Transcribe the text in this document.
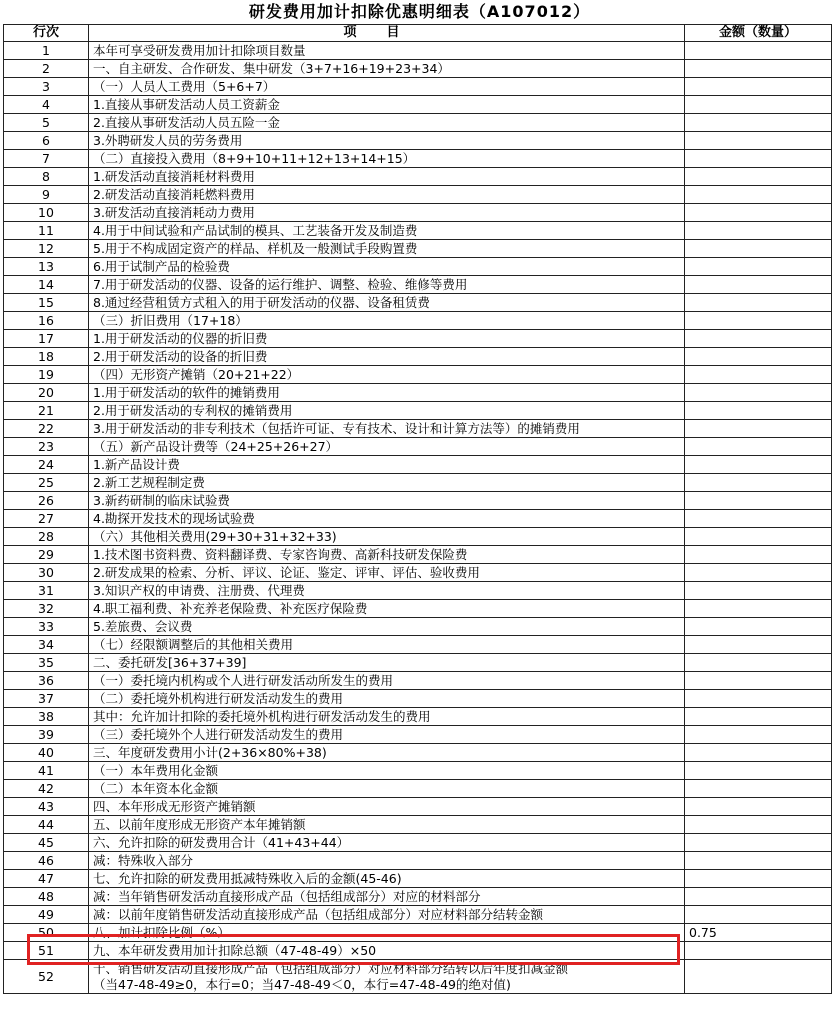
研发费用加计扣除优惠明细表（A107012）
行次	项目	金额（数量）
1	本年可享受研发费用加计扣除项目数量	
2	一、自主研发、合作研发、集中研发（3+7+16+19+23+34）	
3	（一）人员人工费用（5+6+7）	
4	1.直接从事研发活动人员工资薪金	
5	2.直接从事研发活动人员五险一金	
6	3.外聘研发人员的劳务费用	
7	（二）直接投入费用（8+9+10+11+12+13+14+15）	
8	1.研发活动直接消耗材料费用	
9	2.研发活动直接消耗燃料费用	
10	3.研发活动直接消耗动力费用	
11	4.用于中间试验和产品试制的模具、工艺装备开发及制造费	
12	5.用于不构成固定资产的样品、样机及一般测试手段购置费	
13	6.用于试制产品的检验费	
14	7.用于研发活动的仪器、设备的运行维护、调整、检验、维修等费用	
15	8.通过经营租赁方式租入的用于研发活动的仪器、设备租赁费	
16	（三）折旧费用（17+18）	
17	1.用于研发活动的仪器的折旧费	
18	2.用于研发活动的设备的折旧费	
19	（四）无形资产摊销（20+21+22）	
20	1.用于研发活动的软件的摊销费用	
21	2.用于研发活动的专利权的摊销费用	
22	3.用于研发活动的非专利技术（包括许可证、专有技术、设计和计算方法等）的摊销费用	
23	（五）新产品设计费等（24+25+26+27）	
24	1.新产品设计费	
25	2.新工艺规程制定费	
26	3.新药研制的临床试验费	
27	4.勘探开发技术的现场试验费	
28	（六）其他相关费用(29+30+31+32+33)	
29	1.技术图书资料费、资料翻译费、专家咨询费、高新科技研发保险费	
30	2.研发成果的检索、分析、评议、论证、鉴定、评审、评估、验收费用	
31	3.知识产权的申请费、注册费、代理费	
32	4.职工福利费、补充养老保险费、补充医疗保险费	
33	5.差旅费、会议费	
34	（七）经限额调整后的其他相关费用	
35	二、委托研发[36+37+39]	
36	（一）委托境内机构或个人进行研发活动所发生的费用	
37	（二）委托境外机构进行研发活动发生的费用	
38	其中：允许加计扣除的委托境外机构进行研发活动发生的费用	
39	（三）委托境外个人进行研发活动发生的费用	
40	三、年度研发费用小计(2+36×80%+38)	
41	（一）本年费用化金额	
42	（二）本年资本化金额	
43	四、本年形成无形资产摊销额	
44	五、以前年度形成无形资产本年摊销额	
45	六、允许扣除的研发费用合计（41+43+44）	
46	减：特殊收入部分	
47	七、允许扣除的研发费用抵减特殊收入后的金额(45-46)	
48	减：当年销售研发活动直接形成产品（包括组成部分）对应的材料部分	
49	减：以前年度销售研发活动直接形成产品（包括组成部分）对应材料部分结转金额	
50	八、加计扣除比例（%）	0.75
51	九、本年研发费用加计扣除总额（47-48-49）×50	
52	十、销售研发活动直接形成产品（包括组成部分）对应材料部分结转以后年度扣减金额
（当47-48-49≥0，本行=0；当47-48-49＜0，本行=47-48-49的绝对值)	
